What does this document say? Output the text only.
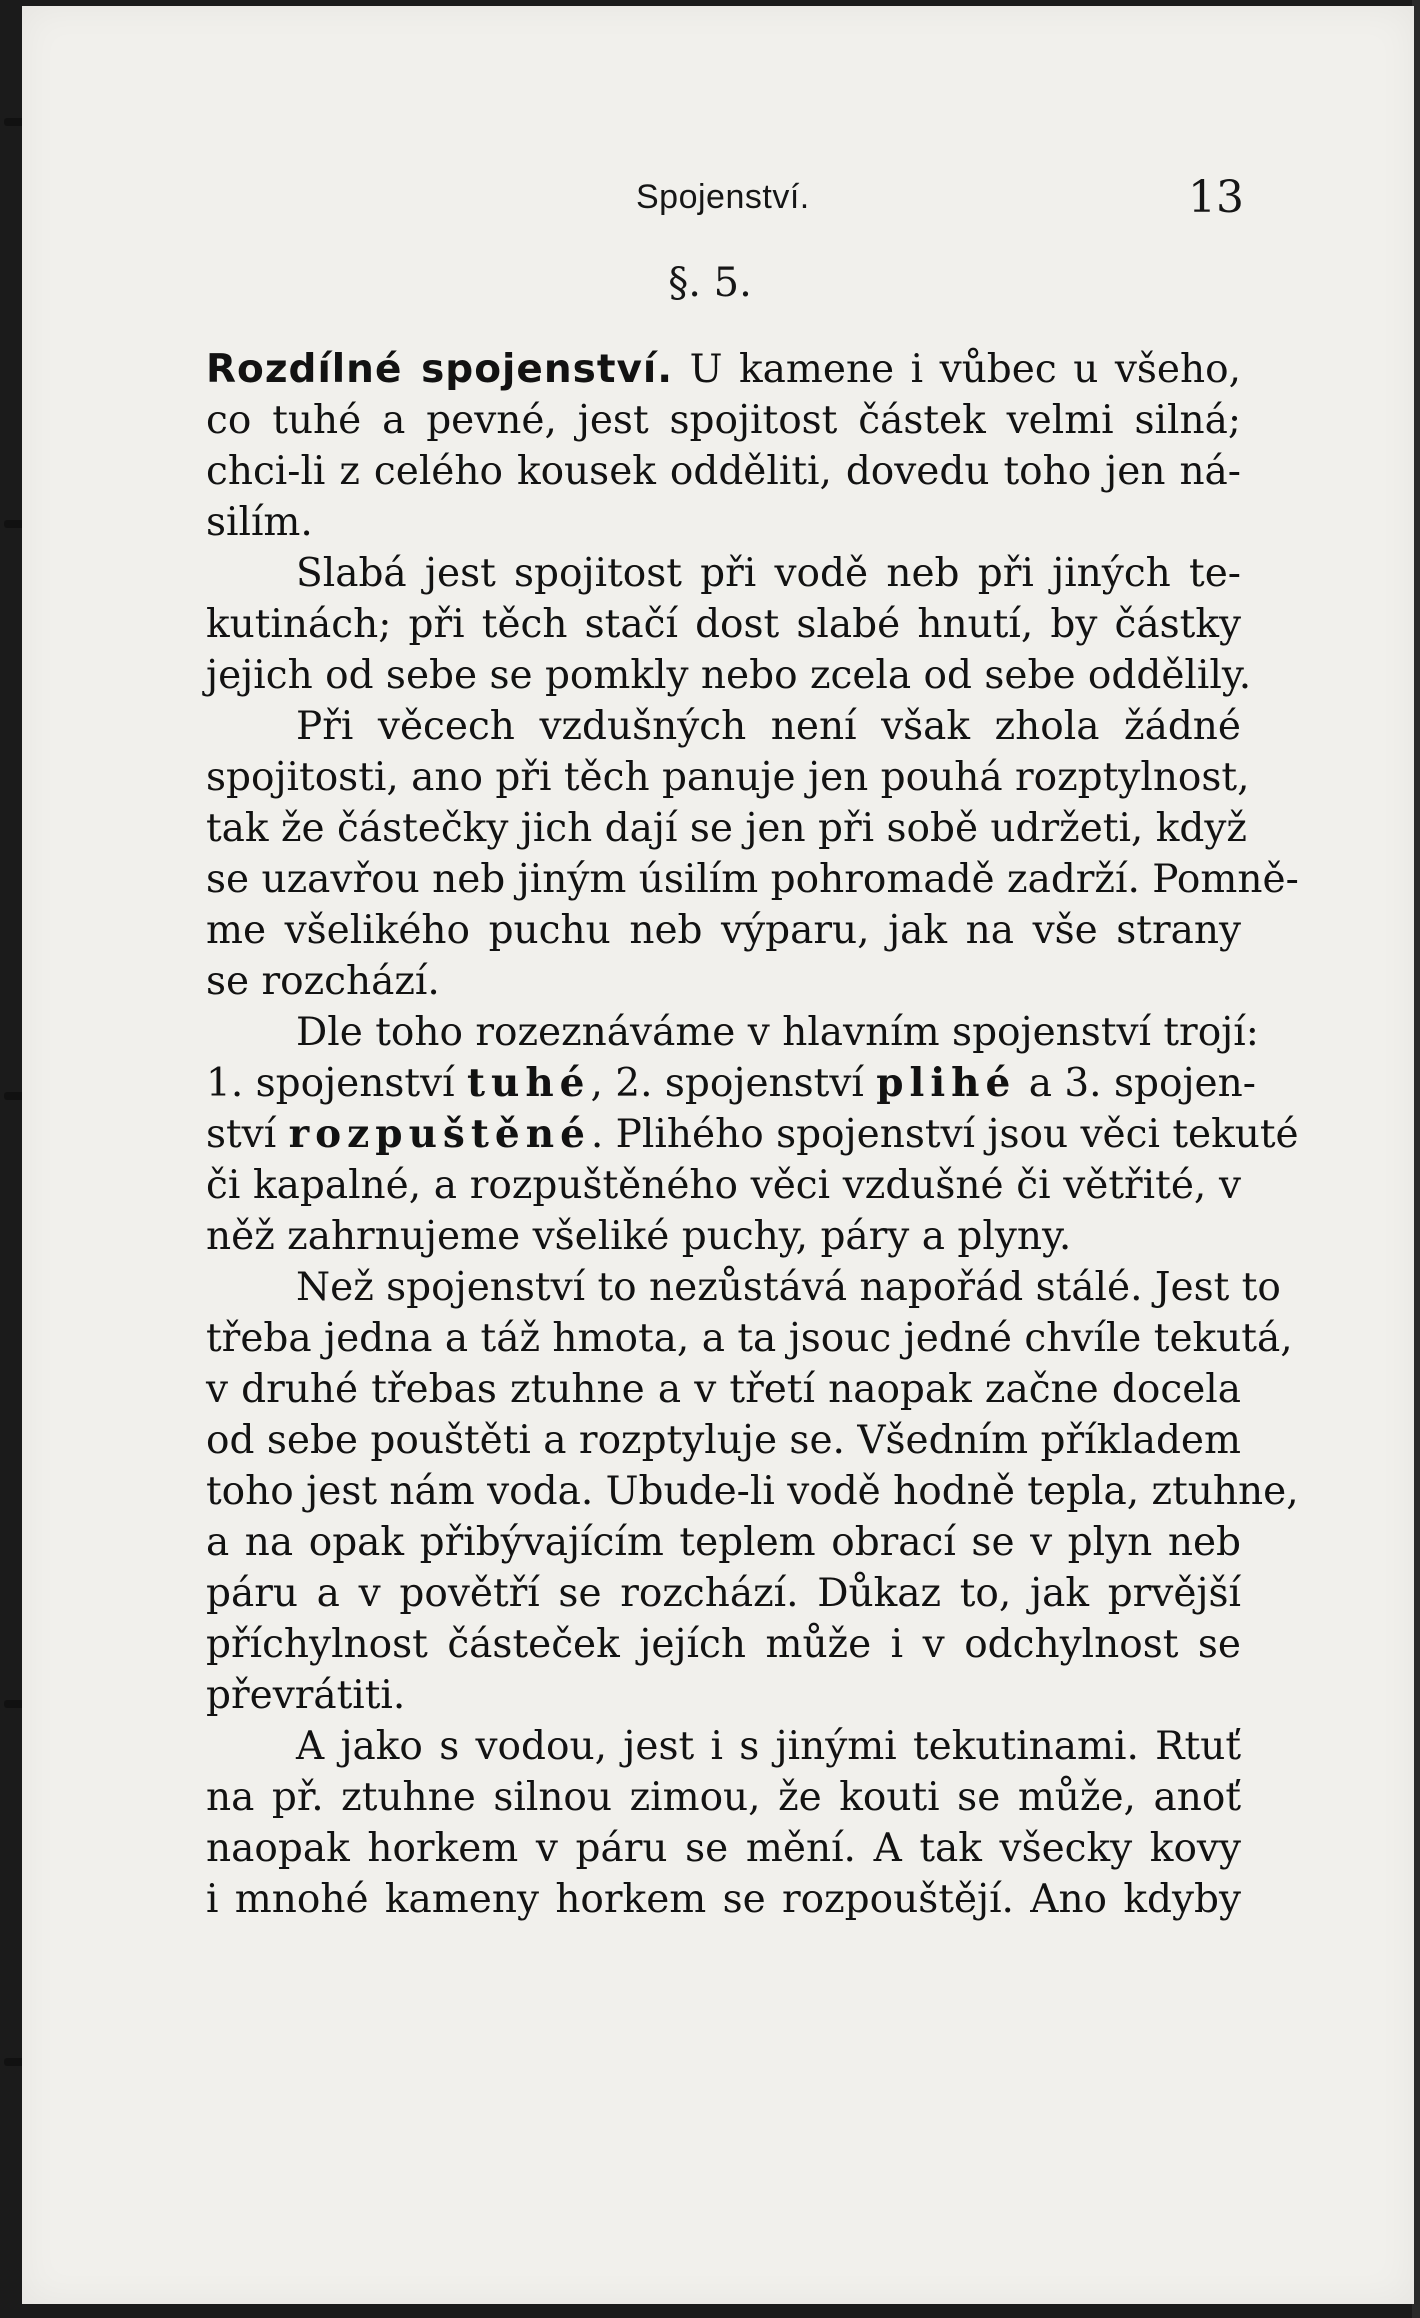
Spojenství.	13
§. 5.
Rozdílné spojenství. U kamene i vůbec u všeho,
co tuhé a pevné, jest spojitost částek velmi silná;
chci-li z celého kousek odděliti, dovedu toho jen ná-
silím.
Slabá jest spojitost při vodě neb při jiných te-
kutinách; při těch stačí dost slabé hnutí, by částky
jejich od sebe se pomkly nebo zcela od sebe oddělily.
Při věcech vzdušných není však zhola žádné
spojitosti, ano při těch panuje jen pouhá rozptylnost,
tak že částečky jich dají se jen při sobě udržeti, když
se uzavřou neb jiným úsilím pohromadě zadrží. Pomně-
me všelikého puchu neb výparu, jak na vše strany
se rozchází.
Dle toho rozeznáváme v hlavním spojenství trojí:
1. spojenství tuhé, 2. spojenství plihé a 3. spojen-
ství rozpuštěné. Plihého spojenství jsou věci tekuté
či kapalné, a rozpuštěného věci vzdušné či větřité, v
něž zahrnujeme všeliké puchy, páry a plyny.
Než spojenství to nezůstává napořád stálé. Jest to
třeba jedna a táž hmota, a ta jsouc jedné chvíle tekutá,
v druhé třebas ztuhne a v třetí naopak začne docela
od sebe pouštěti a rozptyluje se. Všedním příkladem
toho jest nám voda. Ubude-li vodě hodně tepla, ztuhne,
a na opak přibývajícím teplem obrací se v plyn neb
páru a v povětří se rozchází. Důkaz to, jak prvější
příchylnost částeček jejích může i v odchylnost se
převrátiti.
A jako s vodou, jest i s jinými tekutinami. Rtuť
na př. ztuhne silnou zimou, že kouti se může, anoť
naopak horkem v páru se mění. A tak všecky kovy
i mnohé kameny horkem se rozpouštějí. Ano kdyby
